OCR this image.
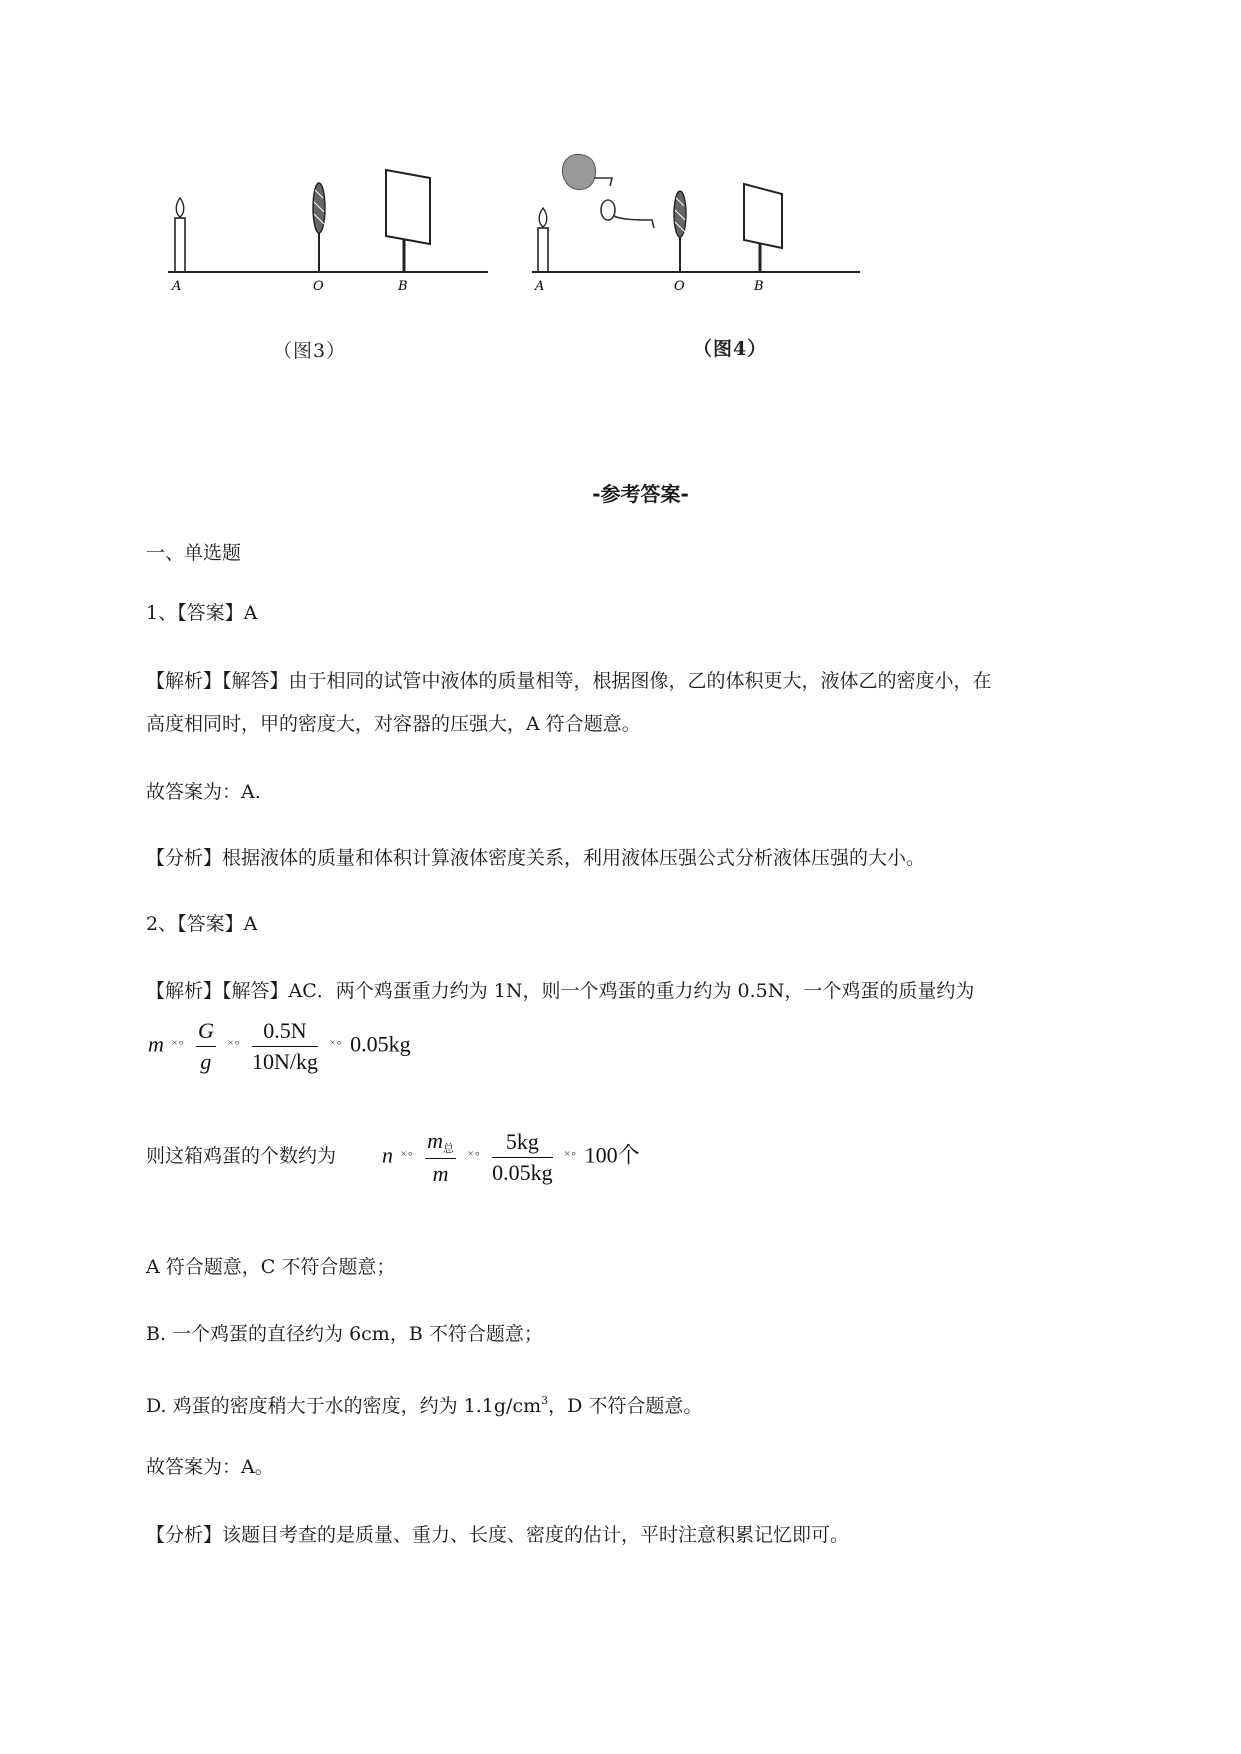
A	O	B
（图3）
A	O	B
（图4）
-参考答案-
一、单选题
1、【答案】A
【解析】【解答】由于相同的试管中液体的质量相等，根据图像，乙的体积更大，液体乙的密度小，在
高度相同时，甲的密度大，对容器的压强大，A 符合题意。
故答案为：A.
【分析】根据液体的质量和体积计算液体密度关系，利用液体压强公式分析液体压强的大小。
2、【答案】A
【解析】【解答】AC．两个鸡蛋重力约为 1N，则一个鸡蛋的重力约为 0.5N，一个鸡蛋的质量约为
m $^{\times\circ} \frac{G}{g} ^{\times\circ} \frac{0.5N}{10N/kg} ^{\times\circ}$ 0.05kg
则这箱鸡蛋的个数约为 n $^{\times\circ} \frac{m_总}{m} ^{\times\circ} \frac{5kg}{0.05kg} ^{\times\circ}$ 100个
A 符合题意，C 不符合题意；
B. 一个鸡蛋的直径约为 6cm，B 不符合题意；
D. 鸡蛋的密度稍大于水的密度，约为 $1.1g/cm^3$，D 不符合题意。
故答案为：A。
【分析】该题目考查的是质量、重力、长度、密度的估计，平时注意积累记忆即可。
